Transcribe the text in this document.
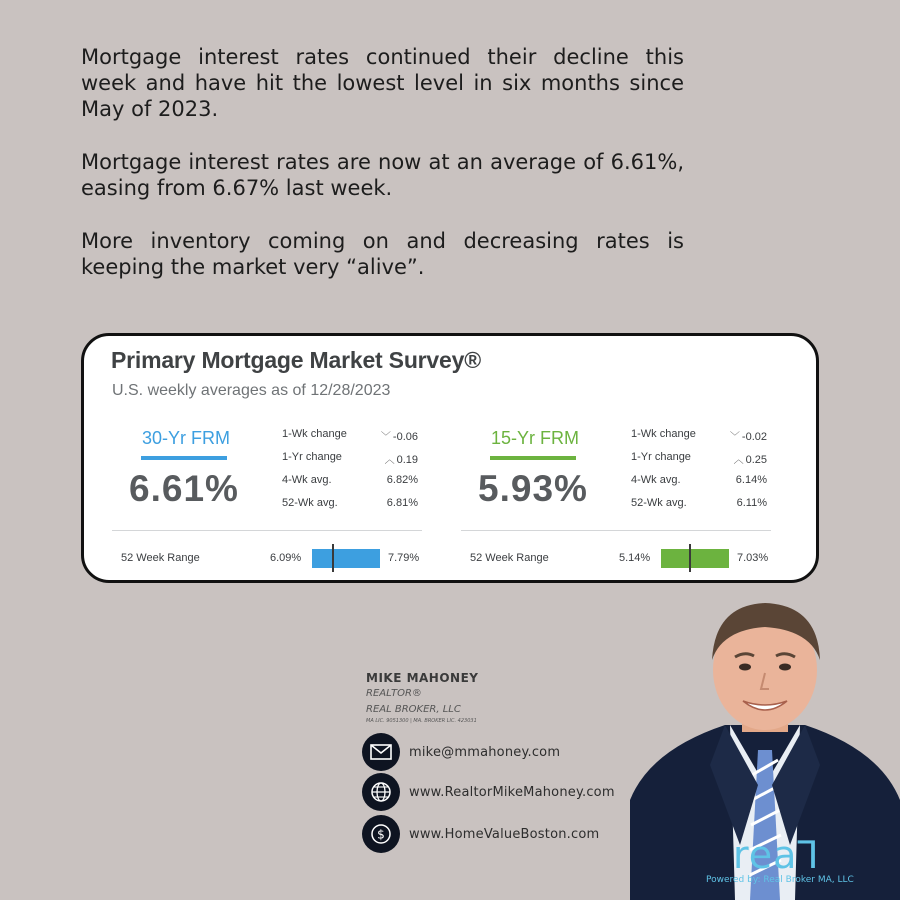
Mortgage interest rates continued their decline this week and have hit the lowest level in six months since May of 2023.

Mortgage interest rates are now at an average of 6.61%, easing from 6.67% last week.

More inventory coming on and decreasing rates is keeping the market very “alive”.

Primary Mortgage Market Survey®
U.S. weekly averages as of 12/28/2023
30-Yr FRM
6.61%
1-Wk change	﹀ -0.06
1-Yr change	︿ 0.19
4-Wk avg.	6.82%
52-Wk avg.	6.81%
52 Week Range	6.09%	7.79%
15-Yr FRM
5.93%
1-Wk change	﹀ -0.02
1-Yr change	︿ 0.25
4-Wk avg.	6.14%
52-Wk avg.	6.11%
52 Week Range	5.14%	7.03%
MIKE MAHONEY
REALTOR®
REAL BROKER, LLC
MA LIC. 9051300 | MA. BROKER LIC. 423031
mike@mmahoney.com
www.RealtorMikeMahoney.com
$ www.HomeValueBoston.com	reaꓶ
Powered by: Real Broker MA, LLC
